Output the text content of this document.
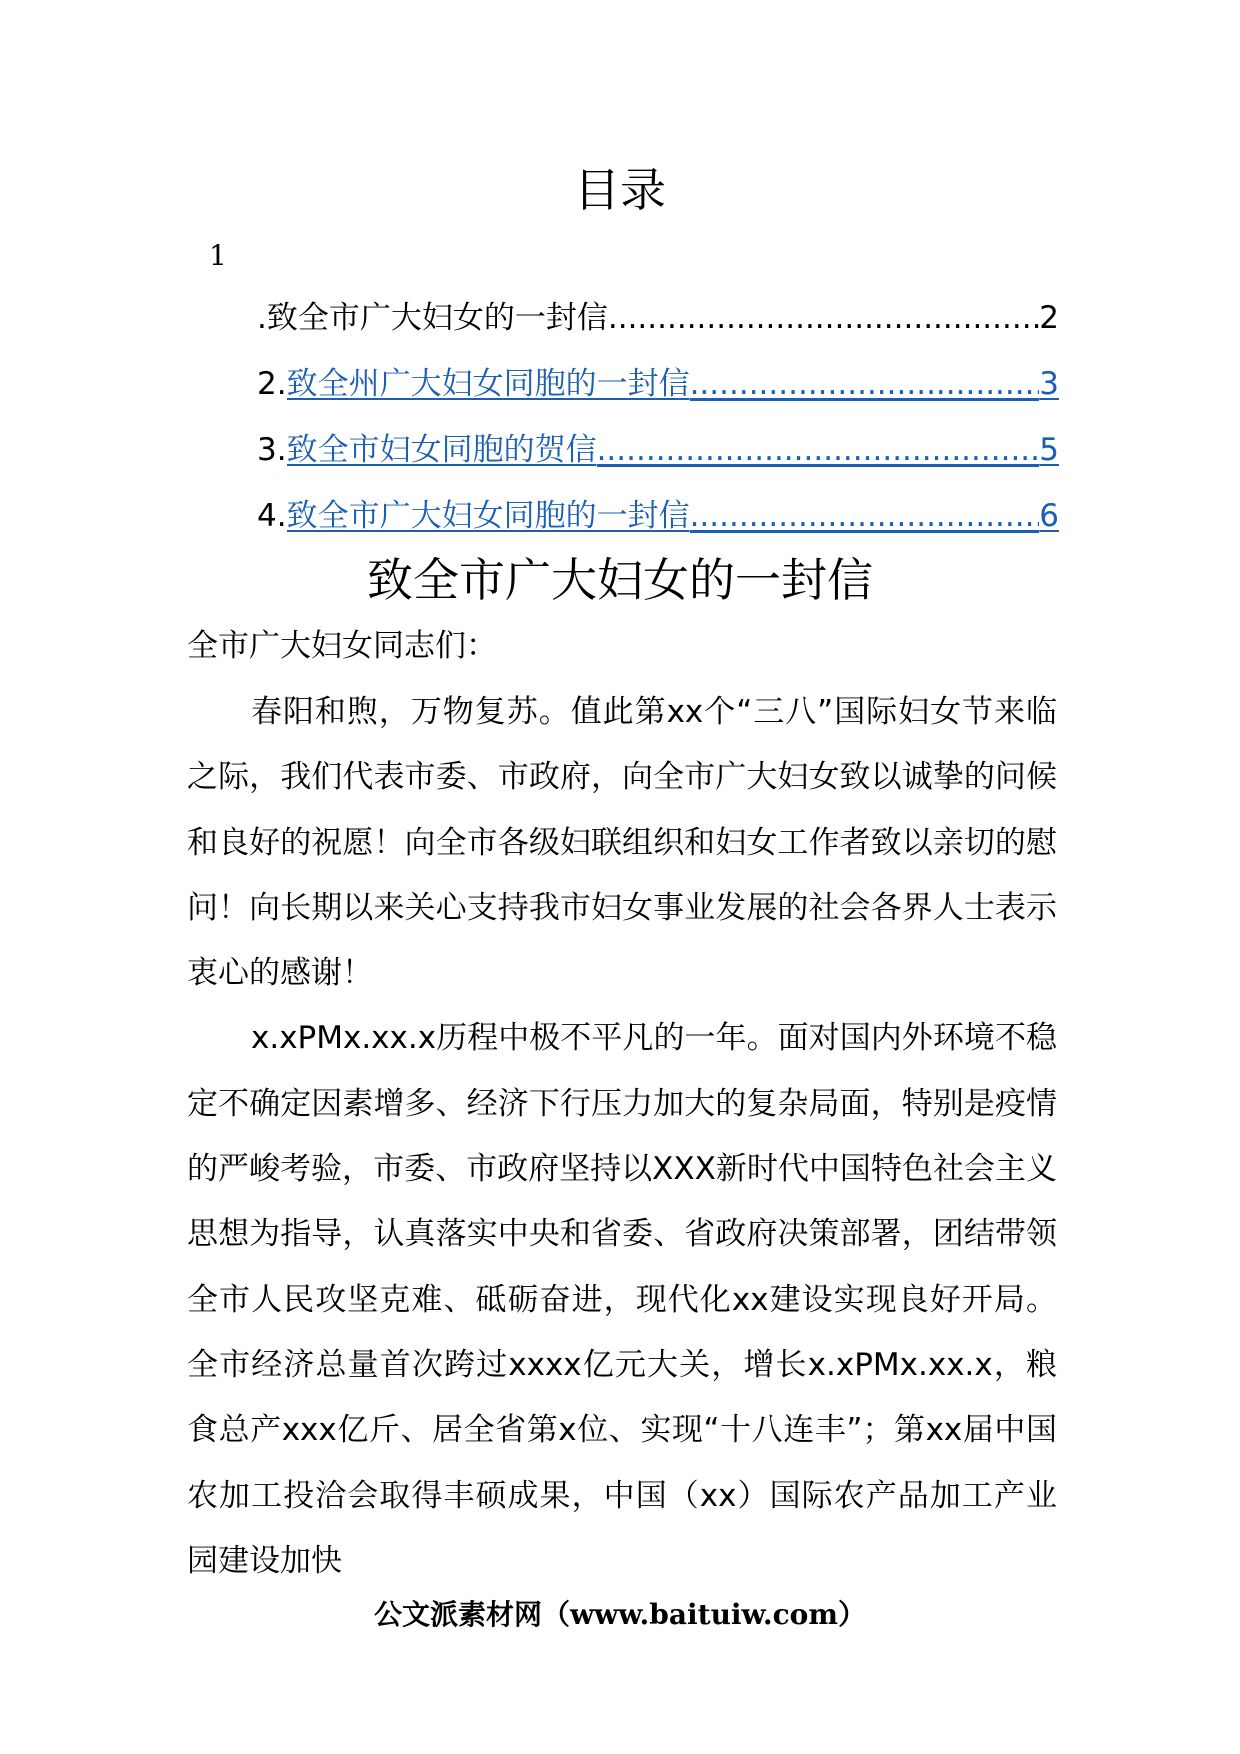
目录
1
. 致全市广大妇女的一封信 .....	2
2. 致全州广大妇女同胞的一封信 .....	3
3. 致全市妇女同胞的贺信 .....	5
4. 致全市广大妇女同胞的一封信 .....	6
致全市广大妇女的一封信

全市广大妇女同志们：

春阳和煦，万物复苏。值此第xx个“三八”国际妇女节来临之际，我们代表市委、市政府，向全市广大妇女致以诚挚的问候和良好的祝愿！向全市各级妇联组织和妇女工作者致以亲切的慰问！向长期以来关心支持我市妇女事业发展的社会各界人士表示衷心的感谢！

x.xPMx.xx.x历程中极不平凡的一年。面对国内外环境不稳定不确定因素增多、经济下行压力加大的复杂局面，特别是疫情的严峻考验，市委、市政府坚持以XXX新时代中国特色社会主义思想为指导，认真落实中央和省委、省政府决策部署，团结带领全市人民攻坚克难、砥砺奋进，现代化xx建设实现良好开局。全市经济总量首次跨过xxxx亿元大关，增长x.xPMx.xx.x，粮食总产xxx亿斤、居全省第x位、实现“十八连丰”；第xx届中国农加工投洽会取得丰硕成果，中国（xx）国际农产品加工产业园建设加快

公文派素材网（www.baituiw.com）
